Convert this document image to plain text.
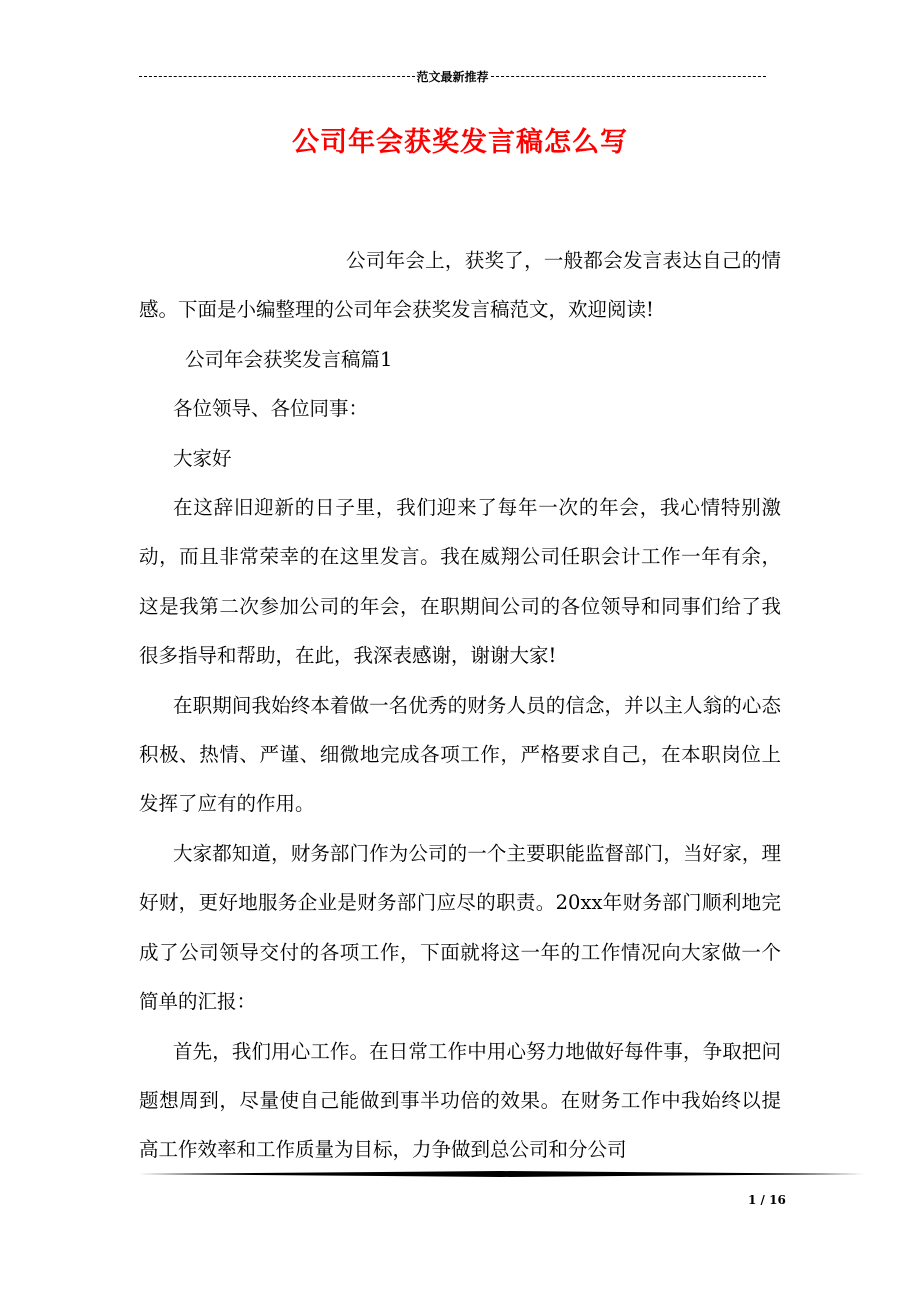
范文最新推荐
公司年会获奖发言稿怎么写

公司年会上，获奖了，一般都会发言表达自己的情感。下面是小编整理的公司年会获奖发言稿范文，欢迎阅读!

公司年会获奖发言稿篇1

各位领导、各位同事：

大家好

在这辞旧迎新的日子里，我们迎来了每年一次的年会，我心情特别激动，而且非常荣幸的在这里发言。我在威翔公司任职会计工作一年有余，这是我第二次参加公司的年会，在职期间公司的各位领导和同事们给了我很多指导和帮助，在此，我深表感谢，谢谢大家!

在职期间我始终本着做一名优秀的财务人员的信念，并以主人翁的心态积极、热情、严谨、细微地完成各项工作，严格要求自己，在本职岗位上发挥了应有的作用。

大家都知道，财务部门作为公司的一个主要职能监督部门，当好家，理好财，更好地服务企业是财务部门应尽的职责。20xx年财务部门顺利地完成了公司领导交付的各项工作，下面就将这一年的工作情况向大家做一个简单的汇报：

首先，我们用心工作。在日常工作中用心努力地做好每件事，争取把问题想周到，尽量使自己能做到事半功倍的效果。在财务工作中我始终以提高工作效率和工作质量为目标，力争做到总公司和分公司

1 / 16
